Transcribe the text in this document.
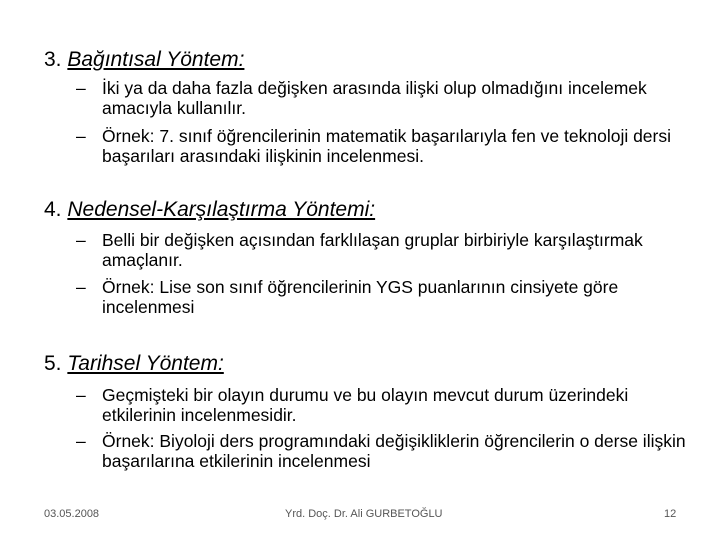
3. Bağıntısal Yöntem:
– İki ya da daha fazla değişken arasında ilişki olup olmadığını incelemek amacıyla kullanılır.
– Örnek: 7. sınıf öğrencilerinin matematik başarılarıyla fen ve teknoloji dersi başarıları arasındaki ilişkinin incelenmesi.
4. Nedensel-Karşılaştırma Yöntemi:
– Belli bir değişken açısından farklılaşan gruplar birbiriyle karşılaştırmak amaçlanır.
– Örnek: Lise son sınıf öğrencilerinin YGS puanlarının cinsiyete göre incelenmesi
5. Tarihsel Yöntem:
– Geçmişteki bir olayın durumu ve bu olayın mevcut durum üzerindeki etkilerinin incelenmesidir.
– Örnek: Biyoloji ders programındaki değişikliklerin öğrencilerin o derse ilişkin başarılarına etkilerinin incelenmesi
03.05.2008	Yrd. Doç. Dr. Ali GURBETOĞLU	12
